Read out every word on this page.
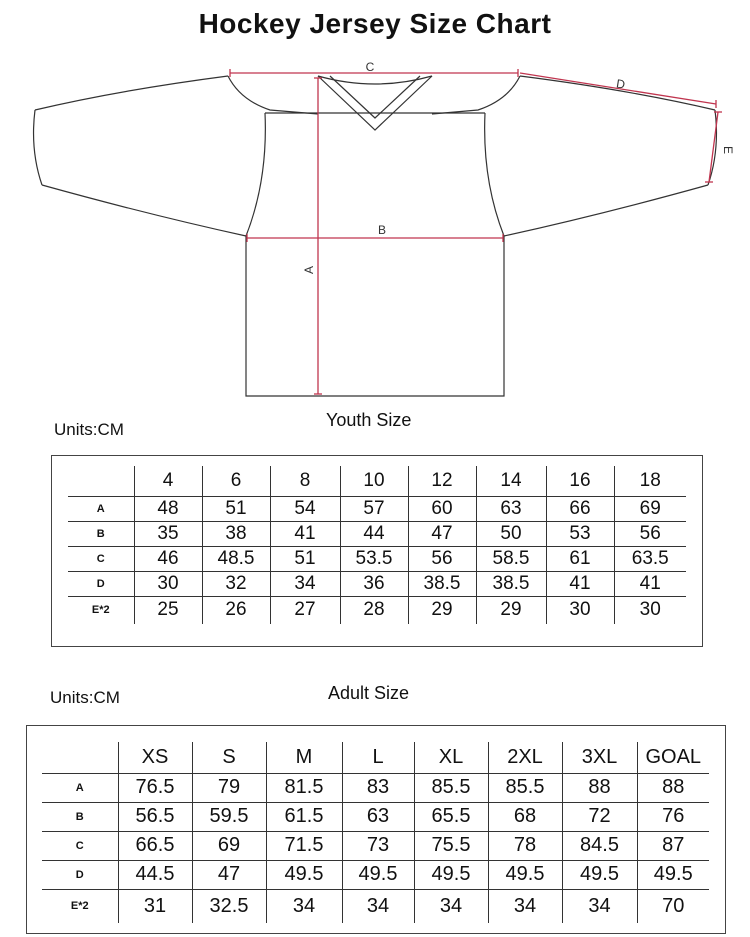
Hockey Jersey Size Chart
C
D
E
B
A
Units:CM	Youth Size
	4	6	8	10	12	14	16	18
A	48	51	54	57	60	63	66	69
B	35	38	41	44	47	50	53	56
C	46	48.5	51	53.5	56	58.5	61	63.5
D	30	32	34	36	38.5	38.5	41	41
E*2	25	26	27	28	29	29	30	30
Units:CM	Adult Size
	XS	S	M	L	XL	2XL	3XL	GOAL
A	76.5	79	81.5	83	85.5	85.5	88	88
B	56.5	59.5	61.5	63	65.5	68	72	76
C	66.5	69	71.5	73	75.5	78	84.5	87
D	44.5	47	49.5	49.5	49.5	49.5	49.5	49.5
E*2	31	32.5	34	34	34	34	34	70
